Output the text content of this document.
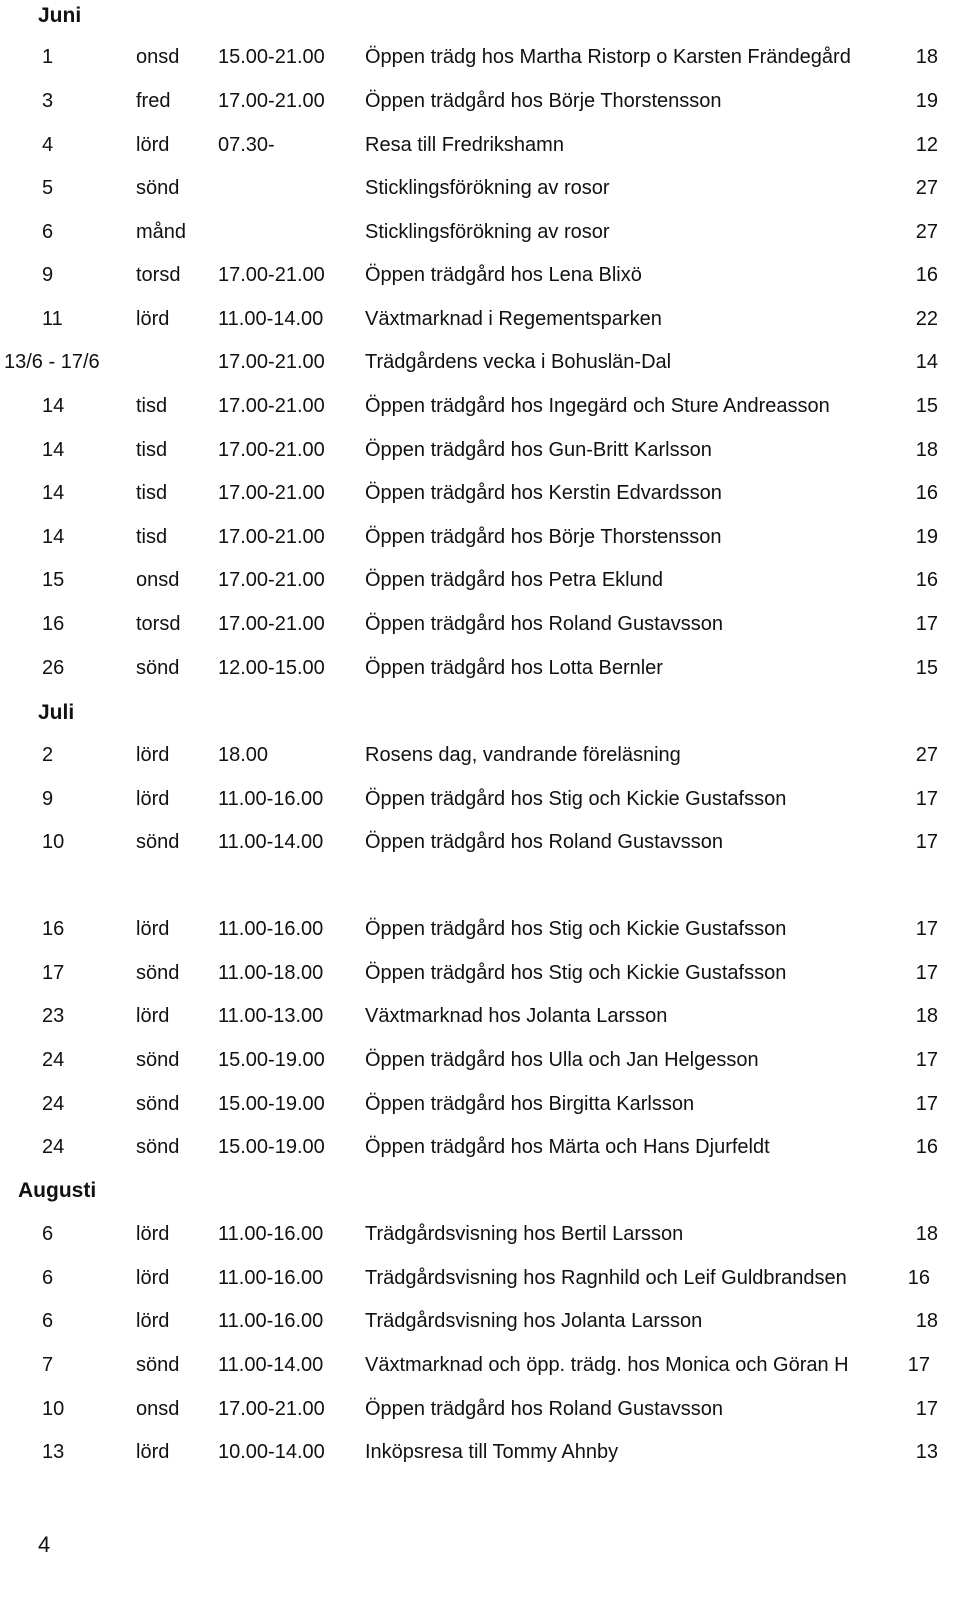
Juni
Juli
Augusti
1	onsd 15.00-21.00 Öppen trädg hos Martha Ristorp o Karsten Frändegård	18
3	fred 17.00-21.00 Öppen trädgård hos Börje Thorstensson	19
4	lörd 07.30-	Resa till Fredrikshamn	12
5	sönd	Sticklingsförökning av rosor	27
6	månd	Sticklingsförökning av rosor	27
9	torsd 17.00-21.00 Öppen trädgård hos Lena Blixö	16
11	lörd 11.00-14.00 Växtmarknad i Regementsparken	22
13/6 - 17/6	17.00-21.00 Trädgårdens vecka i Bohuslän-Dal	14
14	tisd	17.00-21.00 Öppen trädgård hos Ingegärd och Sture Andreasson	15
14	tisd	17.00-21.00 Öppen trädgård hos Gun-Britt Karlsson	18
14	tisd	17.00-21.00 Öppen trädgård hos Kerstin Edvardsson	16
14	tisd	17.00-21.00 Öppen trädgård hos Börje Thorstensson	19
15	onsd 17.00-21.00 Öppen trädgård hos Petra Eklund	16
16	torsd 17.00-21.00 Öppen trädgård hos Roland Gustavsson	17
26	sönd 12.00-15.00 Öppen trädgård hos Lotta Bernler	15
2	lörd 18.00	Rosens dag, vandrande föreläsning	27
9	lörd 11.00-16.00 Öppen trädgård hos Stig och Kickie Gustafsson	17
10	sönd 11.00-14.00 Öppen trädgård hos Roland Gustavsson	17
16	lörd 11.00-16.00 Öppen trädgård hos Stig och Kickie Gustafsson	17
17	sönd 11.00-18.00 Öppen trädgård hos Stig och Kickie Gustafsson	17
23	lörd 11.00-13.00 Växtmarknad hos Jolanta Larsson	18
24	sönd 15.00-19.00 Öppen trädgård hos Ulla och Jan Helgesson	17
24	sönd 15.00-19.00 Öppen trädgård hos Birgitta Karlsson	17
24	sönd 15.00-19.00 Öppen trädgård hos Märta och Hans Djurfeldt	16
6	lörd 11.00-16.00 Trädgårdsvisning hos Bertil Larsson	18
6	lörd 11.00-16.00 Trädgårdsvisning hos Ragnhild och Leif Guldbrandsen	16
6	lörd 11.00-16.00 Trädgårdsvisning hos Jolanta Larsson	18
7	sönd 11.00-14.00 Växtmarknad och öpp. trädg. hos Monica och Göran H	17
10	onsd 17.00-21.00 Öppen trädgård hos Roland Gustavsson	17
13	lörd 10.00-14.00 Inköpsresa till Tommy Ahnby	13
4
